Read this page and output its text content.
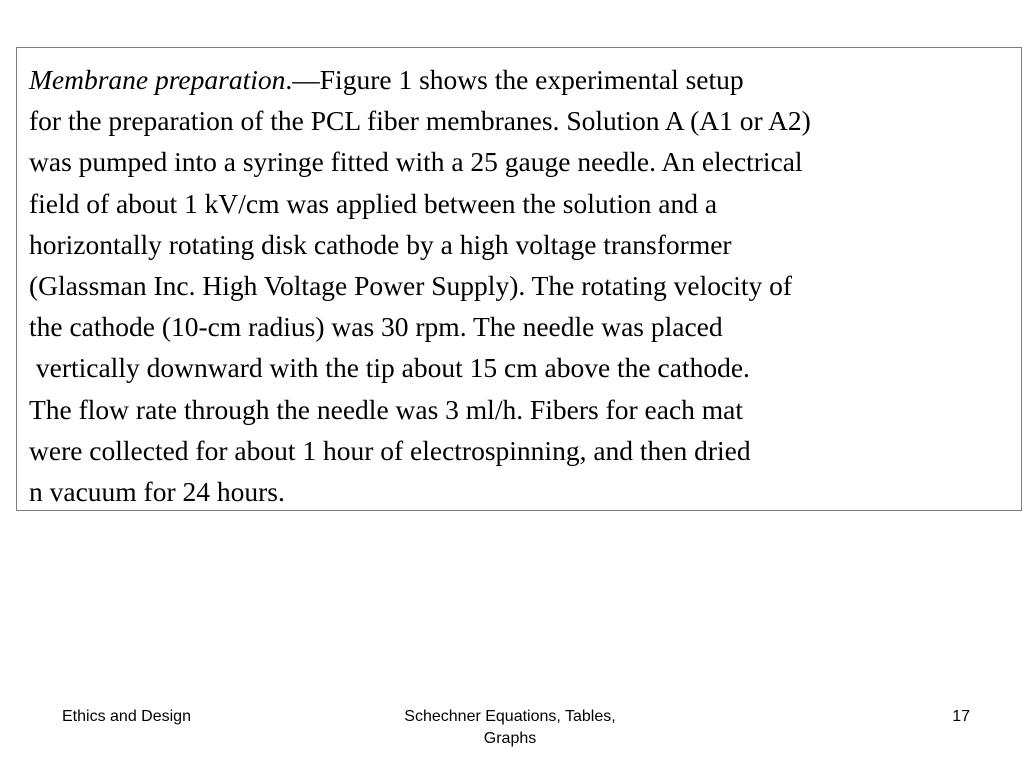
Membrane preparation.—Figure 1 shows the experimental setup
for the preparation of the PCL fiber membranes. Solution A (A1 or A2)
was pumped into a syringe fitted with a 25 gauge needle. An electrical
field of about 1 kV/cm was applied between the solution and a
horizontally rotating disk cathode by a high voltage transformer
(Glassman Inc. High Voltage Power Supply). The rotating velocity of
the cathode (10-cm radius) was 30 rpm. The needle was placed
vertically downward with the tip about 15 cm above the cathode.
The flow rate through the needle was 3 ml/h. Fibers for each mat
were collected for about 1 hour of electrospinning, and then dried
n vacuum for 24 hours.

Ethics and Design	Schechner Equations, Tables,
Graphs
17
